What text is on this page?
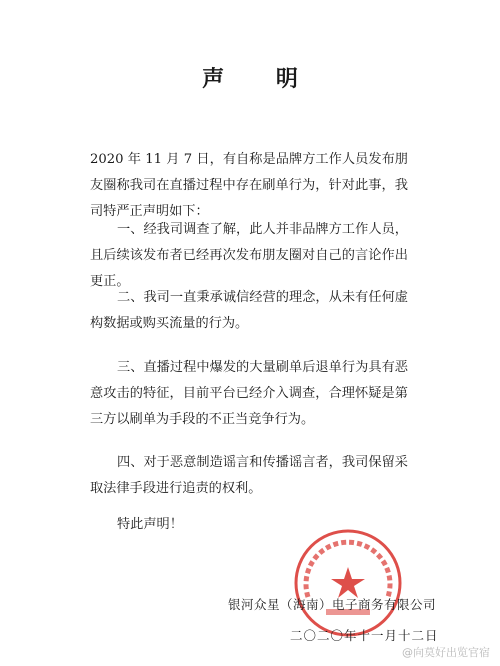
声 明
2020 年 11 月 7 日，有自称是品牌方工作人员发布朋友圈称我司在直播过程中存在刷单行为，针对此事，我司特严正声明如下：
一、经我司调查了解，此人并非品牌方工作人员，且后续该发布者已经再次发布朋友圈对自己的言论作出更正。
二、我司一直秉承诚信经营的理念，从未有任何虚构数据或购买流量的行为。
三、直播过程中爆发的大量刷单后退单行为具有恶意攻击的特征，目前平台已经介入调查，合理怀疑是第三方以刷单为手段的不正当竞争行为。
四、对于恶意制造谣言和传播谣言者，我司保留采取法律手段进行追责的权利。
特此声明！
银河众星（海南）电子商务有限公司
二〇二〇年十一月十二日
@向莫好出览官宿
